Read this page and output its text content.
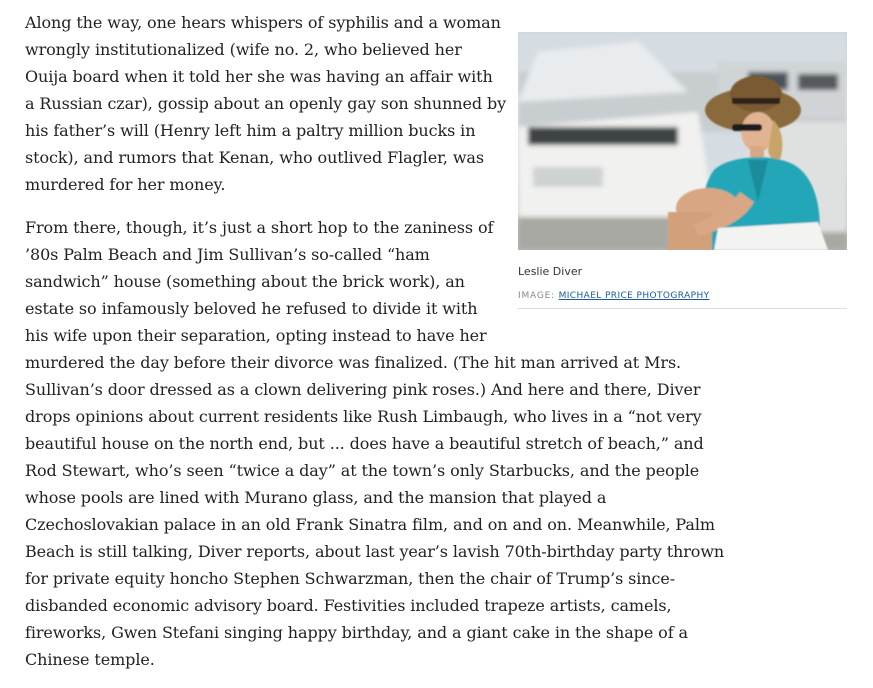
Along the way, one hears whispers of syphilis and a woman
wrongly institutionalized (wife no. 2, who believed her
Ouija board when it told her she was having an affair with
a Russian czar), gossip about an openly gay son shunned by
his father’s will (Henry left him a paltry million bucks in
stock), and rumors that Kenan, who outlived Flagler, was
murdered for her money.
From there, though, it’s just a short hop to the zaniness of
’80s Palm Beach and Jim Sullivan’s so-called “ham
sandwich” house (something about the brick work), an
estate so infamously beloved he refused to divide it with
his wife upon their separation, opting instead to have her
murdered the day before their divorce was finalized. (The hit man arrived at Mrs.
Sullivan’s door dressed as a clown delivering pink roses.) And here and there, Diver
drops opinions about current residents like Rush Limbaugh, who lives in a “not very
beautiful house on the north end, but ... does have a beautiful stretch of beach,” and
Rod Stewart, who’s seen “twice a day” at the town’s only Starbucks, and the people
whose pools are lined with Murano glass, and the mansion that played a
Czechoslovakian palace in an old Frank Sinatra film, and on and on. Meanwhile, Palm
Beach is still talking, Diver reports, about last year’s lavish 70th-birthday party thrown
for private equity honcho Stephen Schwarzman, then the chair of Trump’s since-
disbanded economic advisory board. Festivities included trapeze artists, camels,
fireworks, Gwen Stefani singing happy birthday, and a giant cake in the shape of a
Chinese temple.
Leslie Diver
IMAGE: MICHAEL PRICE PHOTOGRAPHY
